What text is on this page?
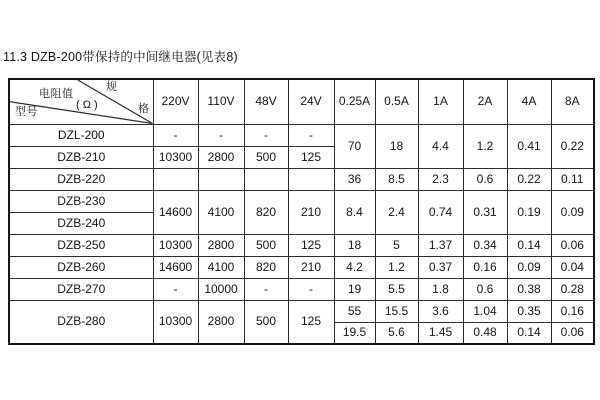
11.3 DZB-200带保持的中间继电器(见表8)
规
格
电阻值
( Ω )
型号	220V	110V	48V	24V	0.25A	0.5A	1A	2A	4A	8A
DZL-200	-	-	-	-	70	18	4.4	1.2	0.41	0.22
DZB-210	10300	2800	500	125						
DZB-220					36	8.5	2.3	0.6	0.22	0.11
DZB-230	14600	4100	820	210	8.4	2.4	0.74	0.31	0.19	0.09
DZB-240										
DZB-250	10300	2800	500	125	18	5	1.37	0.34	0.14	0.06
DZB-260	14600	4100	820	210	4.2	1.2	0.37	0.16	0.09	0.04
DZB-270	-	10000	-	-	19	5.5	1.8	0.6	0.38	0.28
DZB-280	10300	2800	500	125	55	15.5	3.6	1.04	0.35	0.16
					19.5	5.6	1.45	0.48	0.14	0.06
